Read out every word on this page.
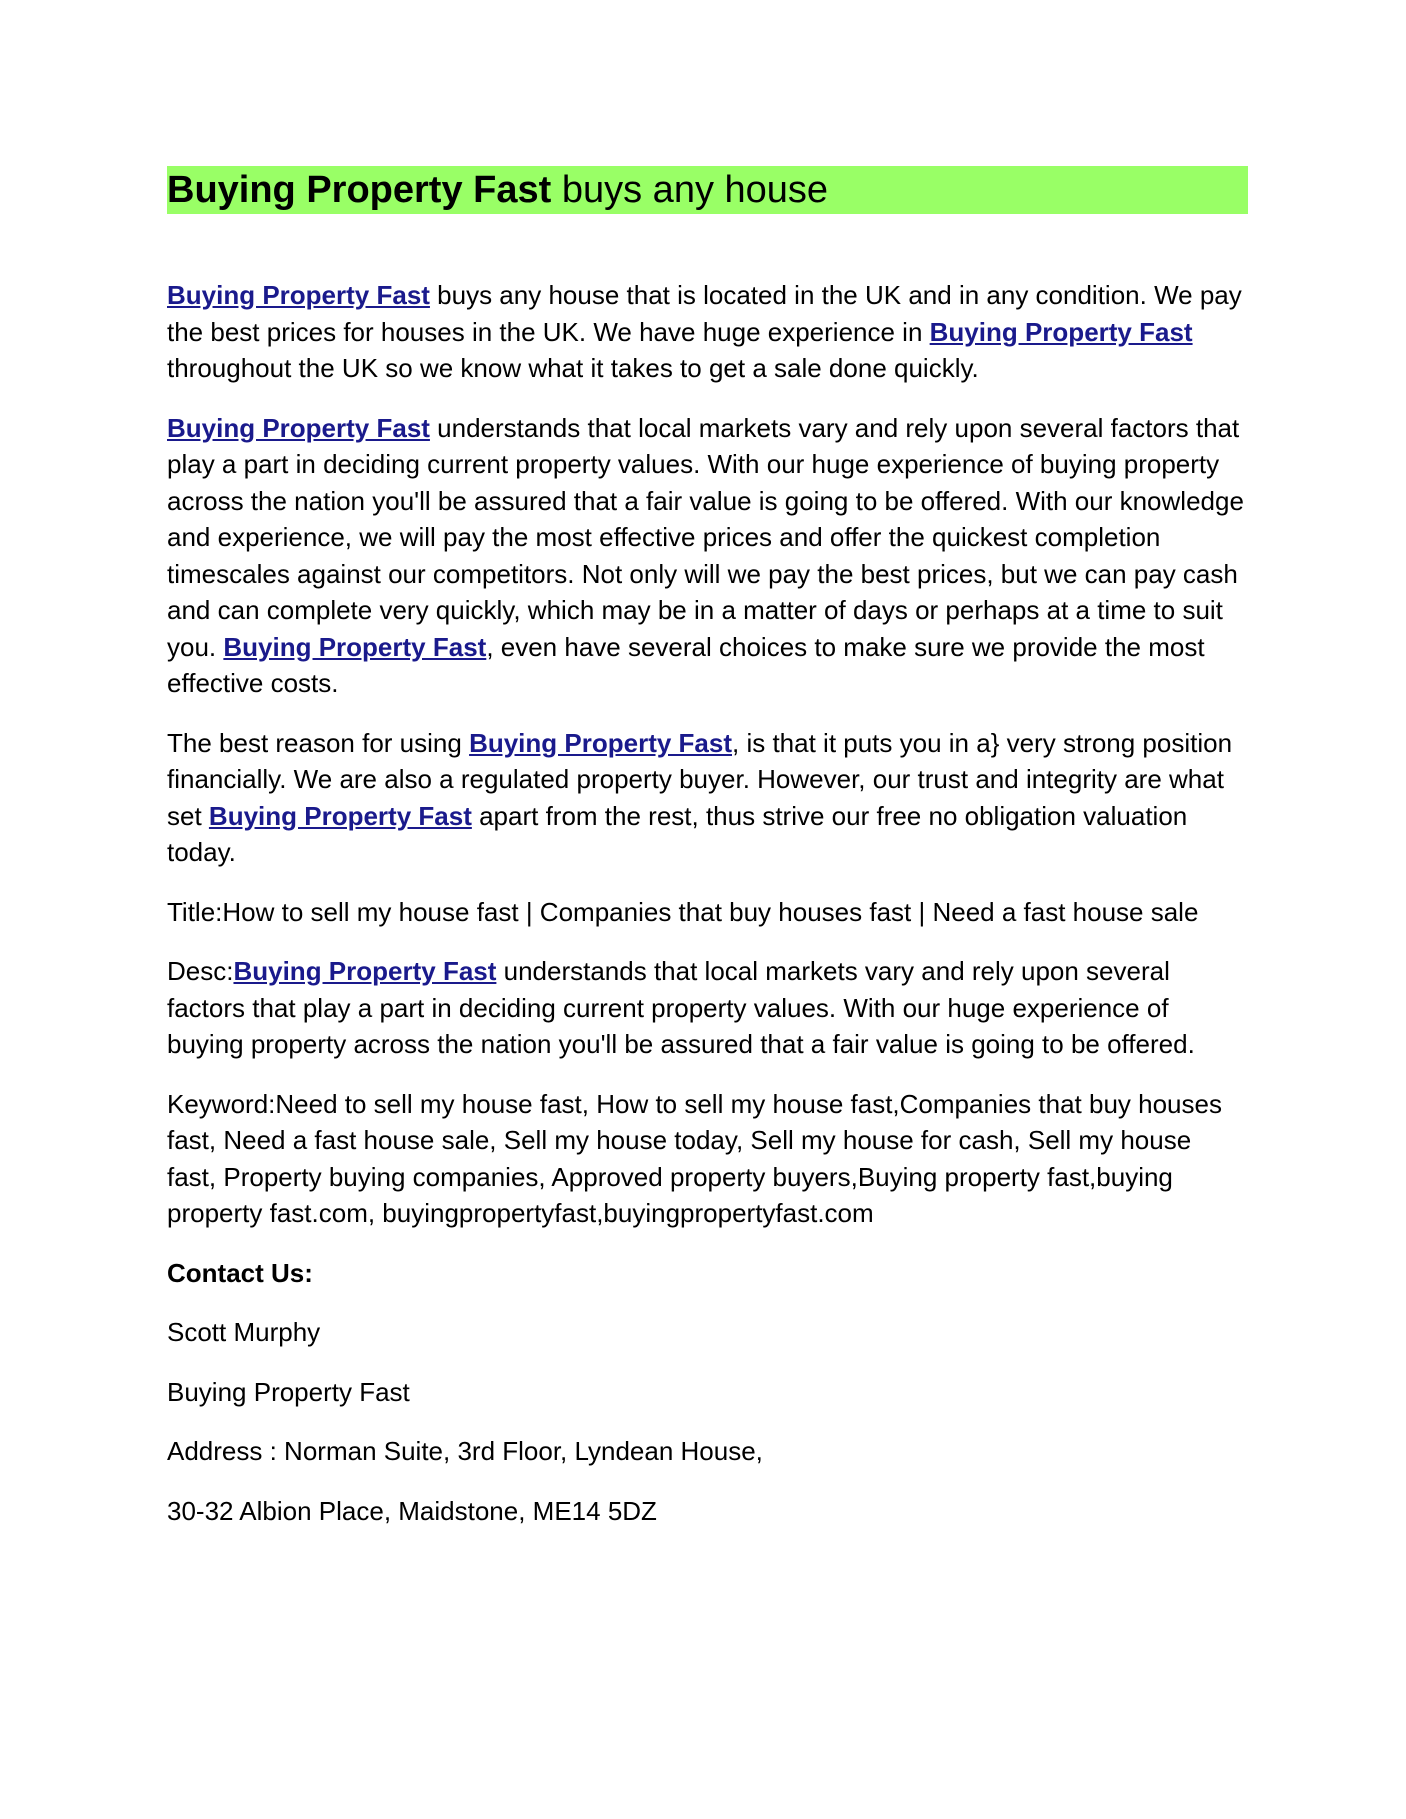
Buying Property Fast buys any house

Buying Property Fast buys any house that is located in the UK and in any condition. We pay the best prices for houses in the UK. We have huge experience in Buying Property Fast throughout the UK so we know what it takes to get a sale done quickly.

Buying Property Fast understands that local markets vary and rely upon several factors that play a part in deciding current property values. With our huge experience of buying property across the nation you'll be assured that a fair value is going to be offered. With our knowledge and experience, we will pay the most effective prices and offer the quickest completion timescales against our competitors. Not only will we pay the best prices, but we can pay cash and can complete very quickly, which may be in a matter of days or perhaps at a time to suit you. Buying Property Fast, even have several choices to make sure we provide the most effective costs.

The best reason for using Buying Property Fast, is that it puts you in a} very strong position financially. We are also a regulated property buyer. However, our trust and integrity are what set Buying Property Fast apart from the rest, thus strive our free no obligation valuation today.

Title:How to sell my house fast | Companies that buy houses fast | Need a fast house sale

Desc:Buying Property Fast understands that local markets vary and rely upon several factors that play a part in deciding current property values. With our huge experience of buying property across the nation you'll be assured that a fair value is going to be offered.

Keyword:Need to sell my house fast, How to sell my house fast,Companies that buy houses fast, Need a fast house sale, Sell my house today, Sell my house for cash, Sell my house fast, Property buying companies, Approved property buyers,Buying property fast,buying property fast.com, buyingpropertyfast,buyingpropertyfast.com

Contact Us:

Scott Murphy

Buying Property Fast

Address : Norman Suite, 3rd Floor, Lyndean House,

30-32 Albion Place, Maidstone, ME14 5DZ
